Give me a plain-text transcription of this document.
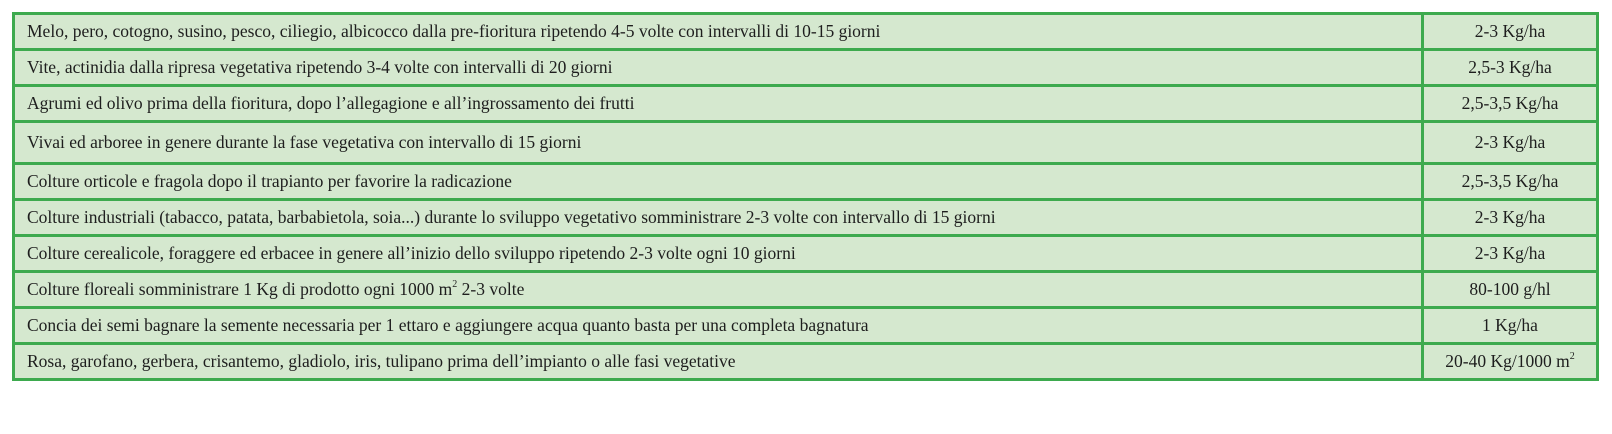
Melo, pero, cotogno, susino, pesco, ciliegio, albicocco dalla pre-fioritura ripetendo 4-5 volte con intervalli di 10-15 giorni	2-3 Kg/ha
Vite, actinidia dalla ripresa vegetativa ripetendo 3-4 volte con intervalli di 20 giorni	2,5-3 Kg/ha
Agrumi ed olivo prima della fioritura, dopo l’allegagione e all’ingrossamento dei frutti	2,5-3,5 Kg/ha
Vivai ed arboree in genere durante la fase vegetativa con intervallo di 15 giorni	2-3 Kg/ha
Colture orticole e fragola dopo il trapianto per favorire la radicazione	2,5-3,5 Kg/ha
Colture industriali (tabacco, patata, barbabietola, soia...) durante lo sviluppo vegetativo somministrare 2-3 volte con intervallo di 15 giorni	2-3 Kg/ha
Colture cerealicole, foraggere ed erbacee in genere all’inizio dello sviluppo ripetendo 2-3 volte ogni 10 giorni	2-3 Kg/ha
Colture floreali somministrare 1 Kg di prodotto ogni 1000 $m^2$ 2-3 volte	80-100 g/hl
Concia dei semi bagnare la semente necessaria per 1 ettaro e aggiungere acqua quanto basta per una completa bagnatura	1 Kg/ha
Rosa, garofano, gerbera, crisantemo, gladiolo, iris, tulipano prima dell’impianto o alle fasi vegetative	20-40 Kg/1000 $m^2$
